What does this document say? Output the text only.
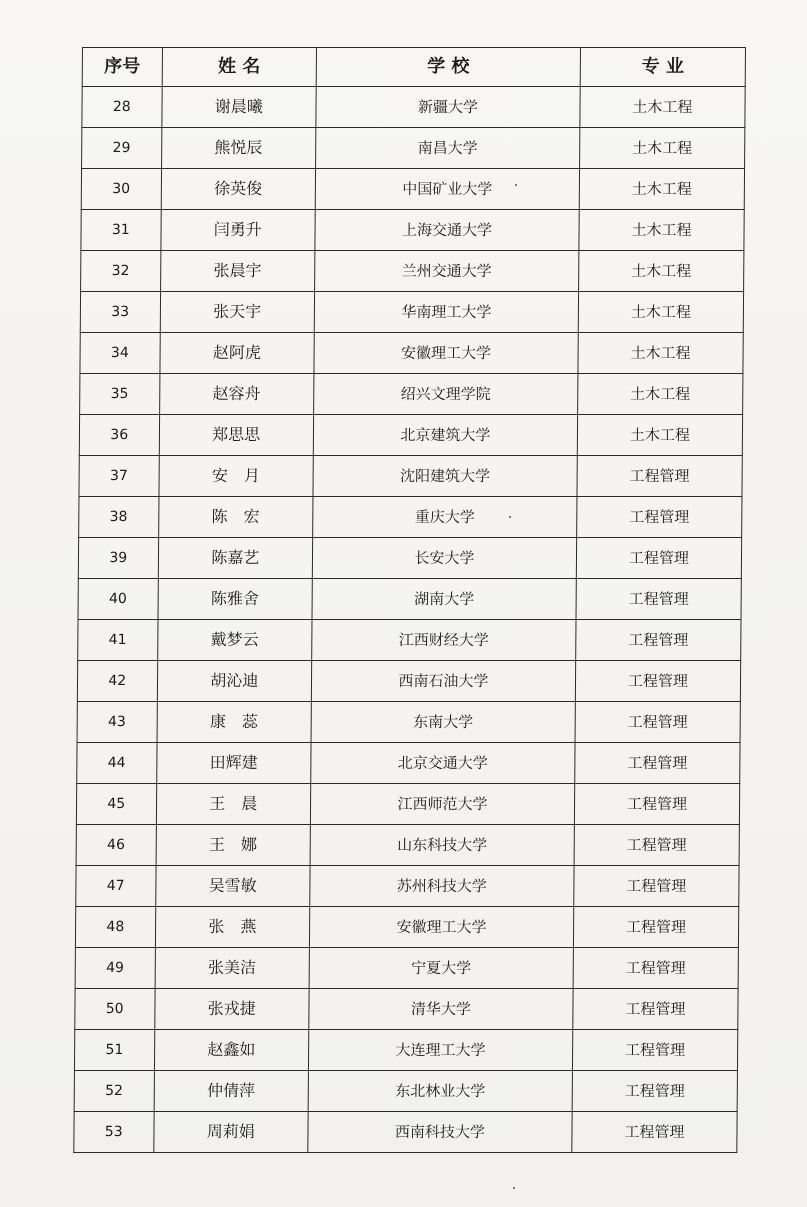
序号	姓 名	学 校	专 业
28	谢晨曦	新疆大学	土木工程
29	熊悦辰	南昌大学	土木工程
30	徐英俊	中国矿业大学	土木工程
31	闫勇升	上海交通大学	土木工程
32	张晨宇	兰州交通大学	土木工程
33	张天宇	华南理工大学	土木工程
34	赵阿虎	安徽理工大学	土木工程
35	赵容舟	绍兴文理学院	土木工程
36	郑思思	北京建筑大学	土木工程
37	安　月	沈阳建筑大学	工程管理
38	陈　宏	重庆大学	工程管理
39	陈嘉艺	长安大学	工程管理
40	陈雅舍	湖南大学	工程管理
41	戴梦云	江西财经大学	工程管理
42	胡沁迪	西南石油大学	工程管理
43	康　蕊	东南大学	工程管理
44	田辉建	北京交通大学	工程管理
45	王　晨	江西师范大学	工程管理
46	王　娜	山东科技大学	工程管理
47	吴雪敏	苏州科技大学	工程管理
48	张　燕	安徽理工大学	工程管理
49	张美洁	宁夏大学	工程管理
50	张戎捷	清华大学	工程管理
51	赵鑫如	大连理工大学	工程管理
52	仲倩萍	东北林业大学	工程管理
53	周莉娟	西南科技大学	工程管理
